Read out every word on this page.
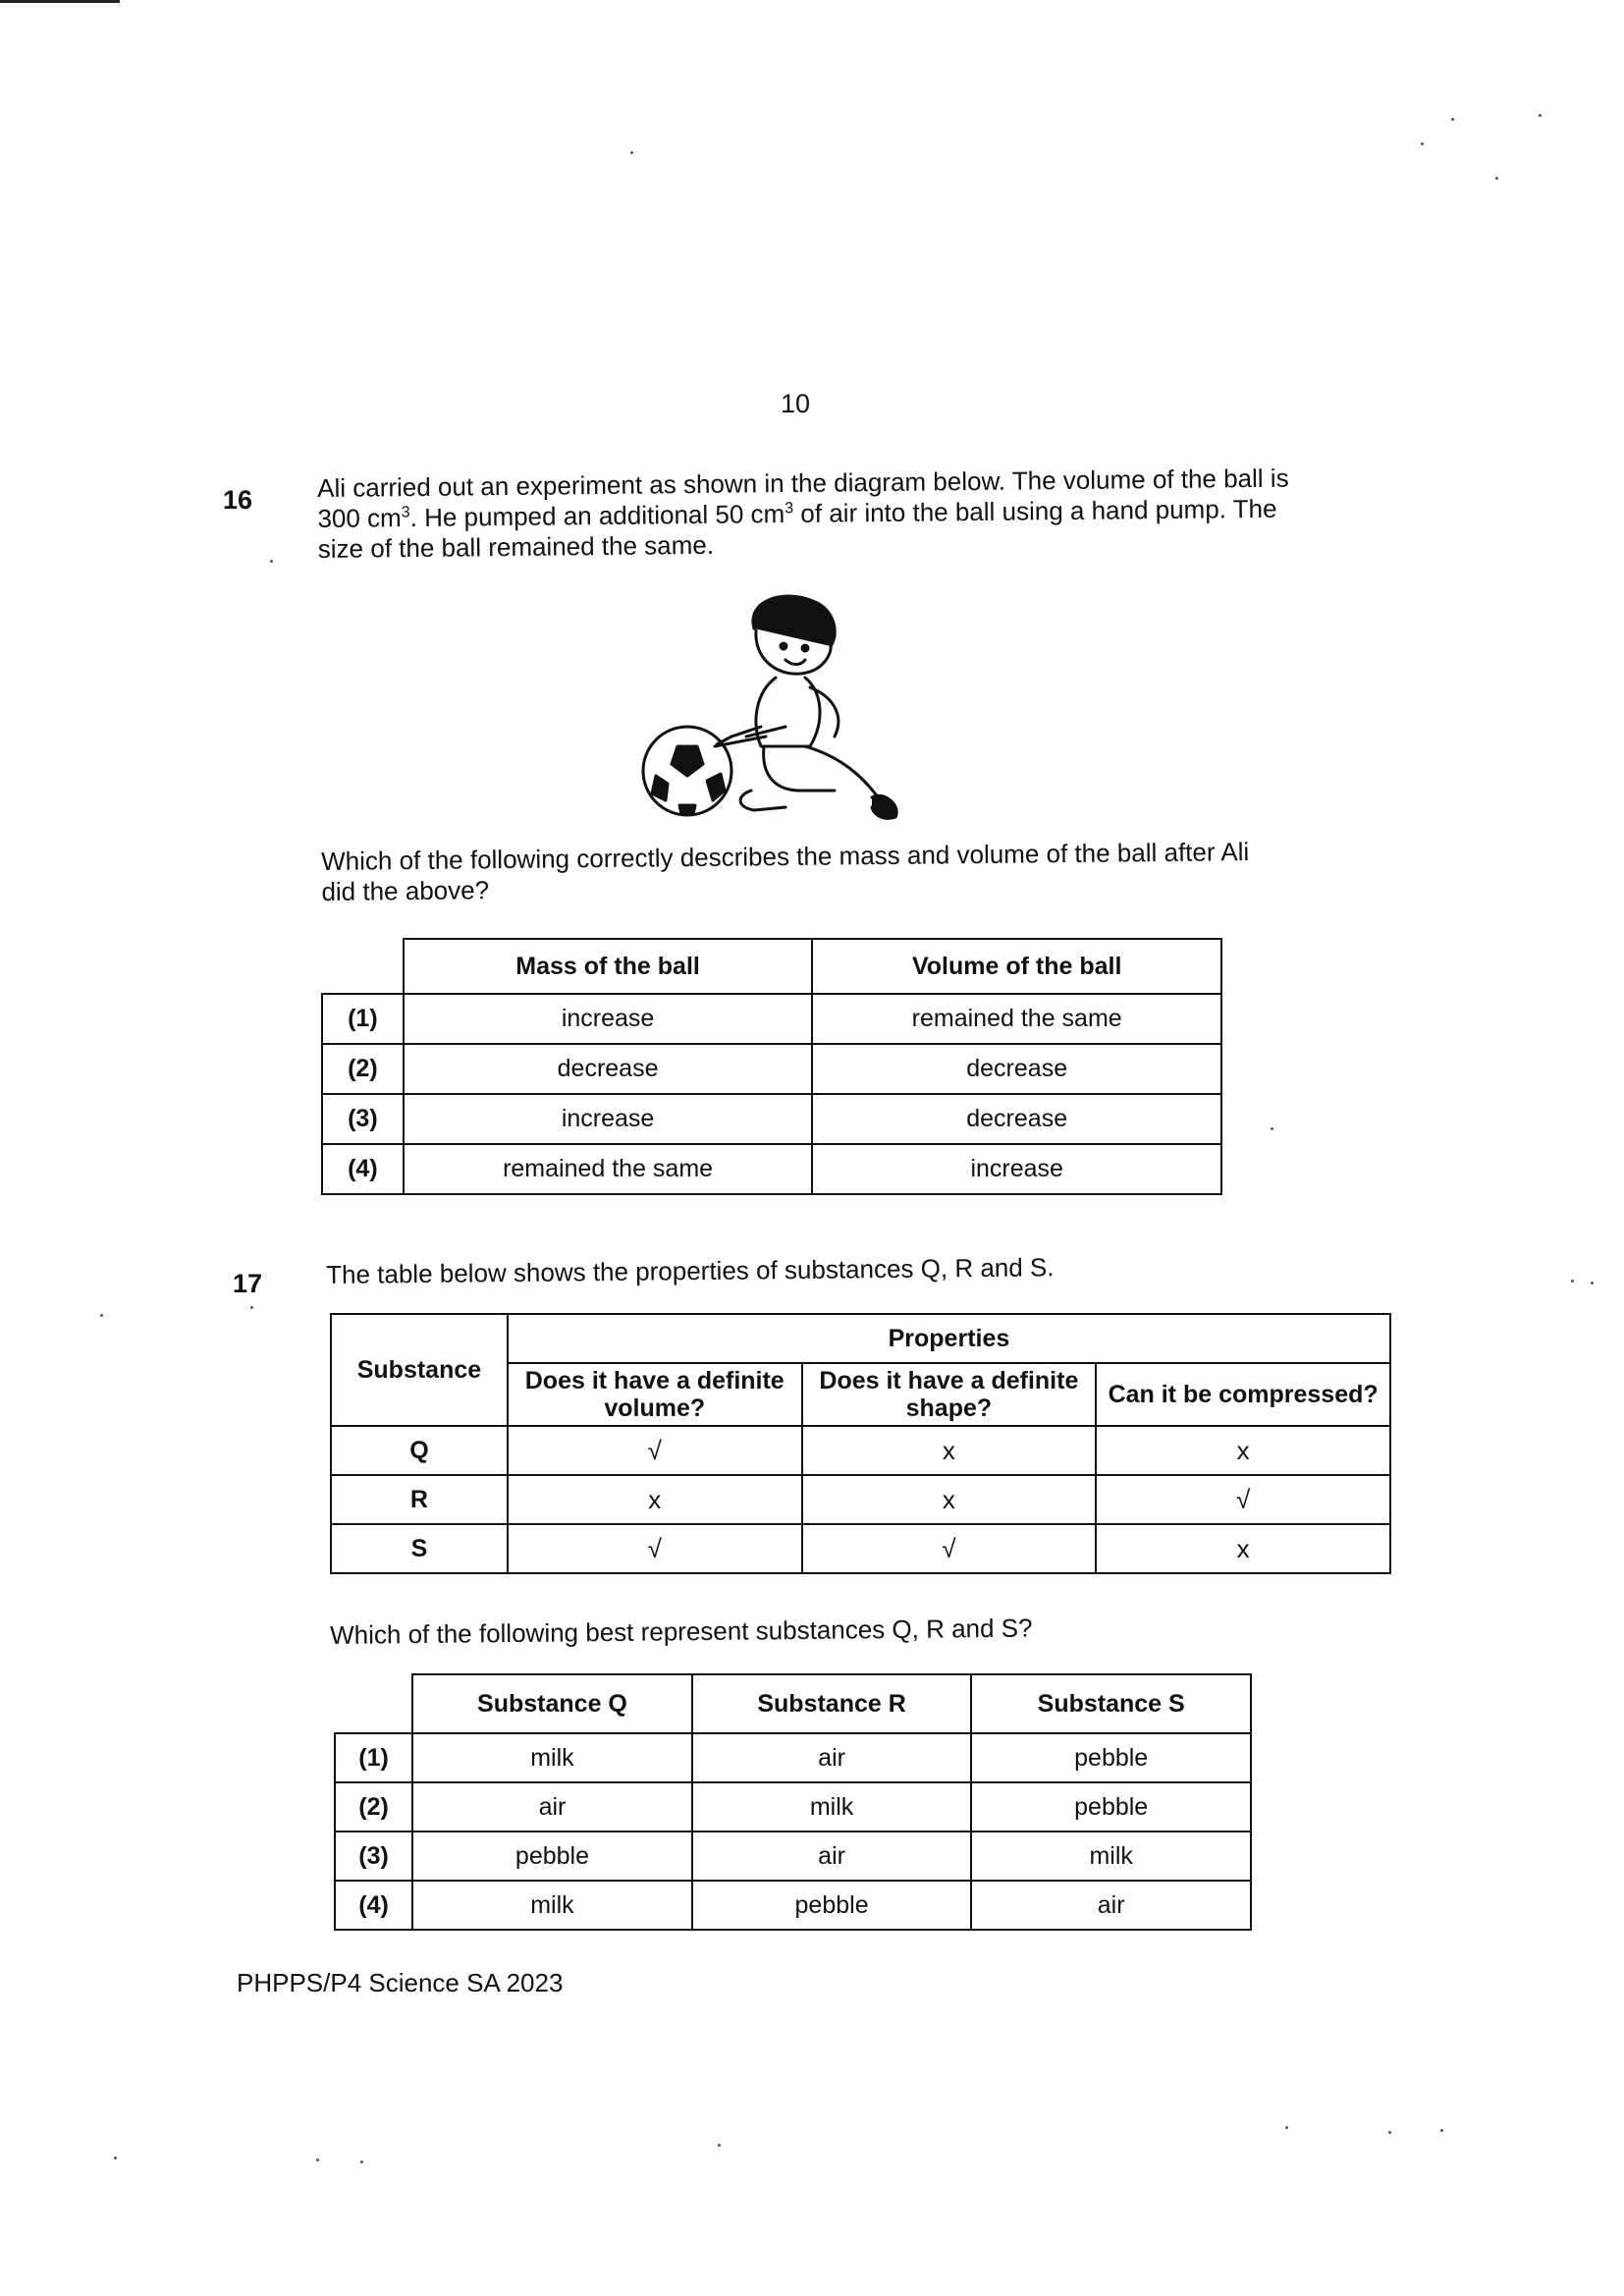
10
16	Ali carried out an experiment as shown in the diagram below. The volume of the ball is
300 $cm^3$. He pumped an additional 50 $cm^3$ of air into the ball using a hand pump. The
size of the ball remained the same.
Which of the following correctly describes the mass and volume of the ball after Ali
did the above?
	Mass of the ball	Volume of the ball
(1)	increase	remained the same
(2)	decrease	decrease
(3)	increase	decrease
(4)	remained the same	increase
17 The table below shows the properties of substances Q, R and S.
Substance	Properties		
	Does it have a definite volume?	Does it have a definite shape?	Can it be compressed?
Q	√	x	x
R	x	x	√
S	√	√	x
Which of the following best represent substances Q, R and S?
	Substance Q	Substance R	Substance S
(1)	milk	air	pebble
(2)	air	milk	pebble
(3)	pebble	air	milk
(4)	milk	pebble	air
PHPPS/P4 Science SA 2023
